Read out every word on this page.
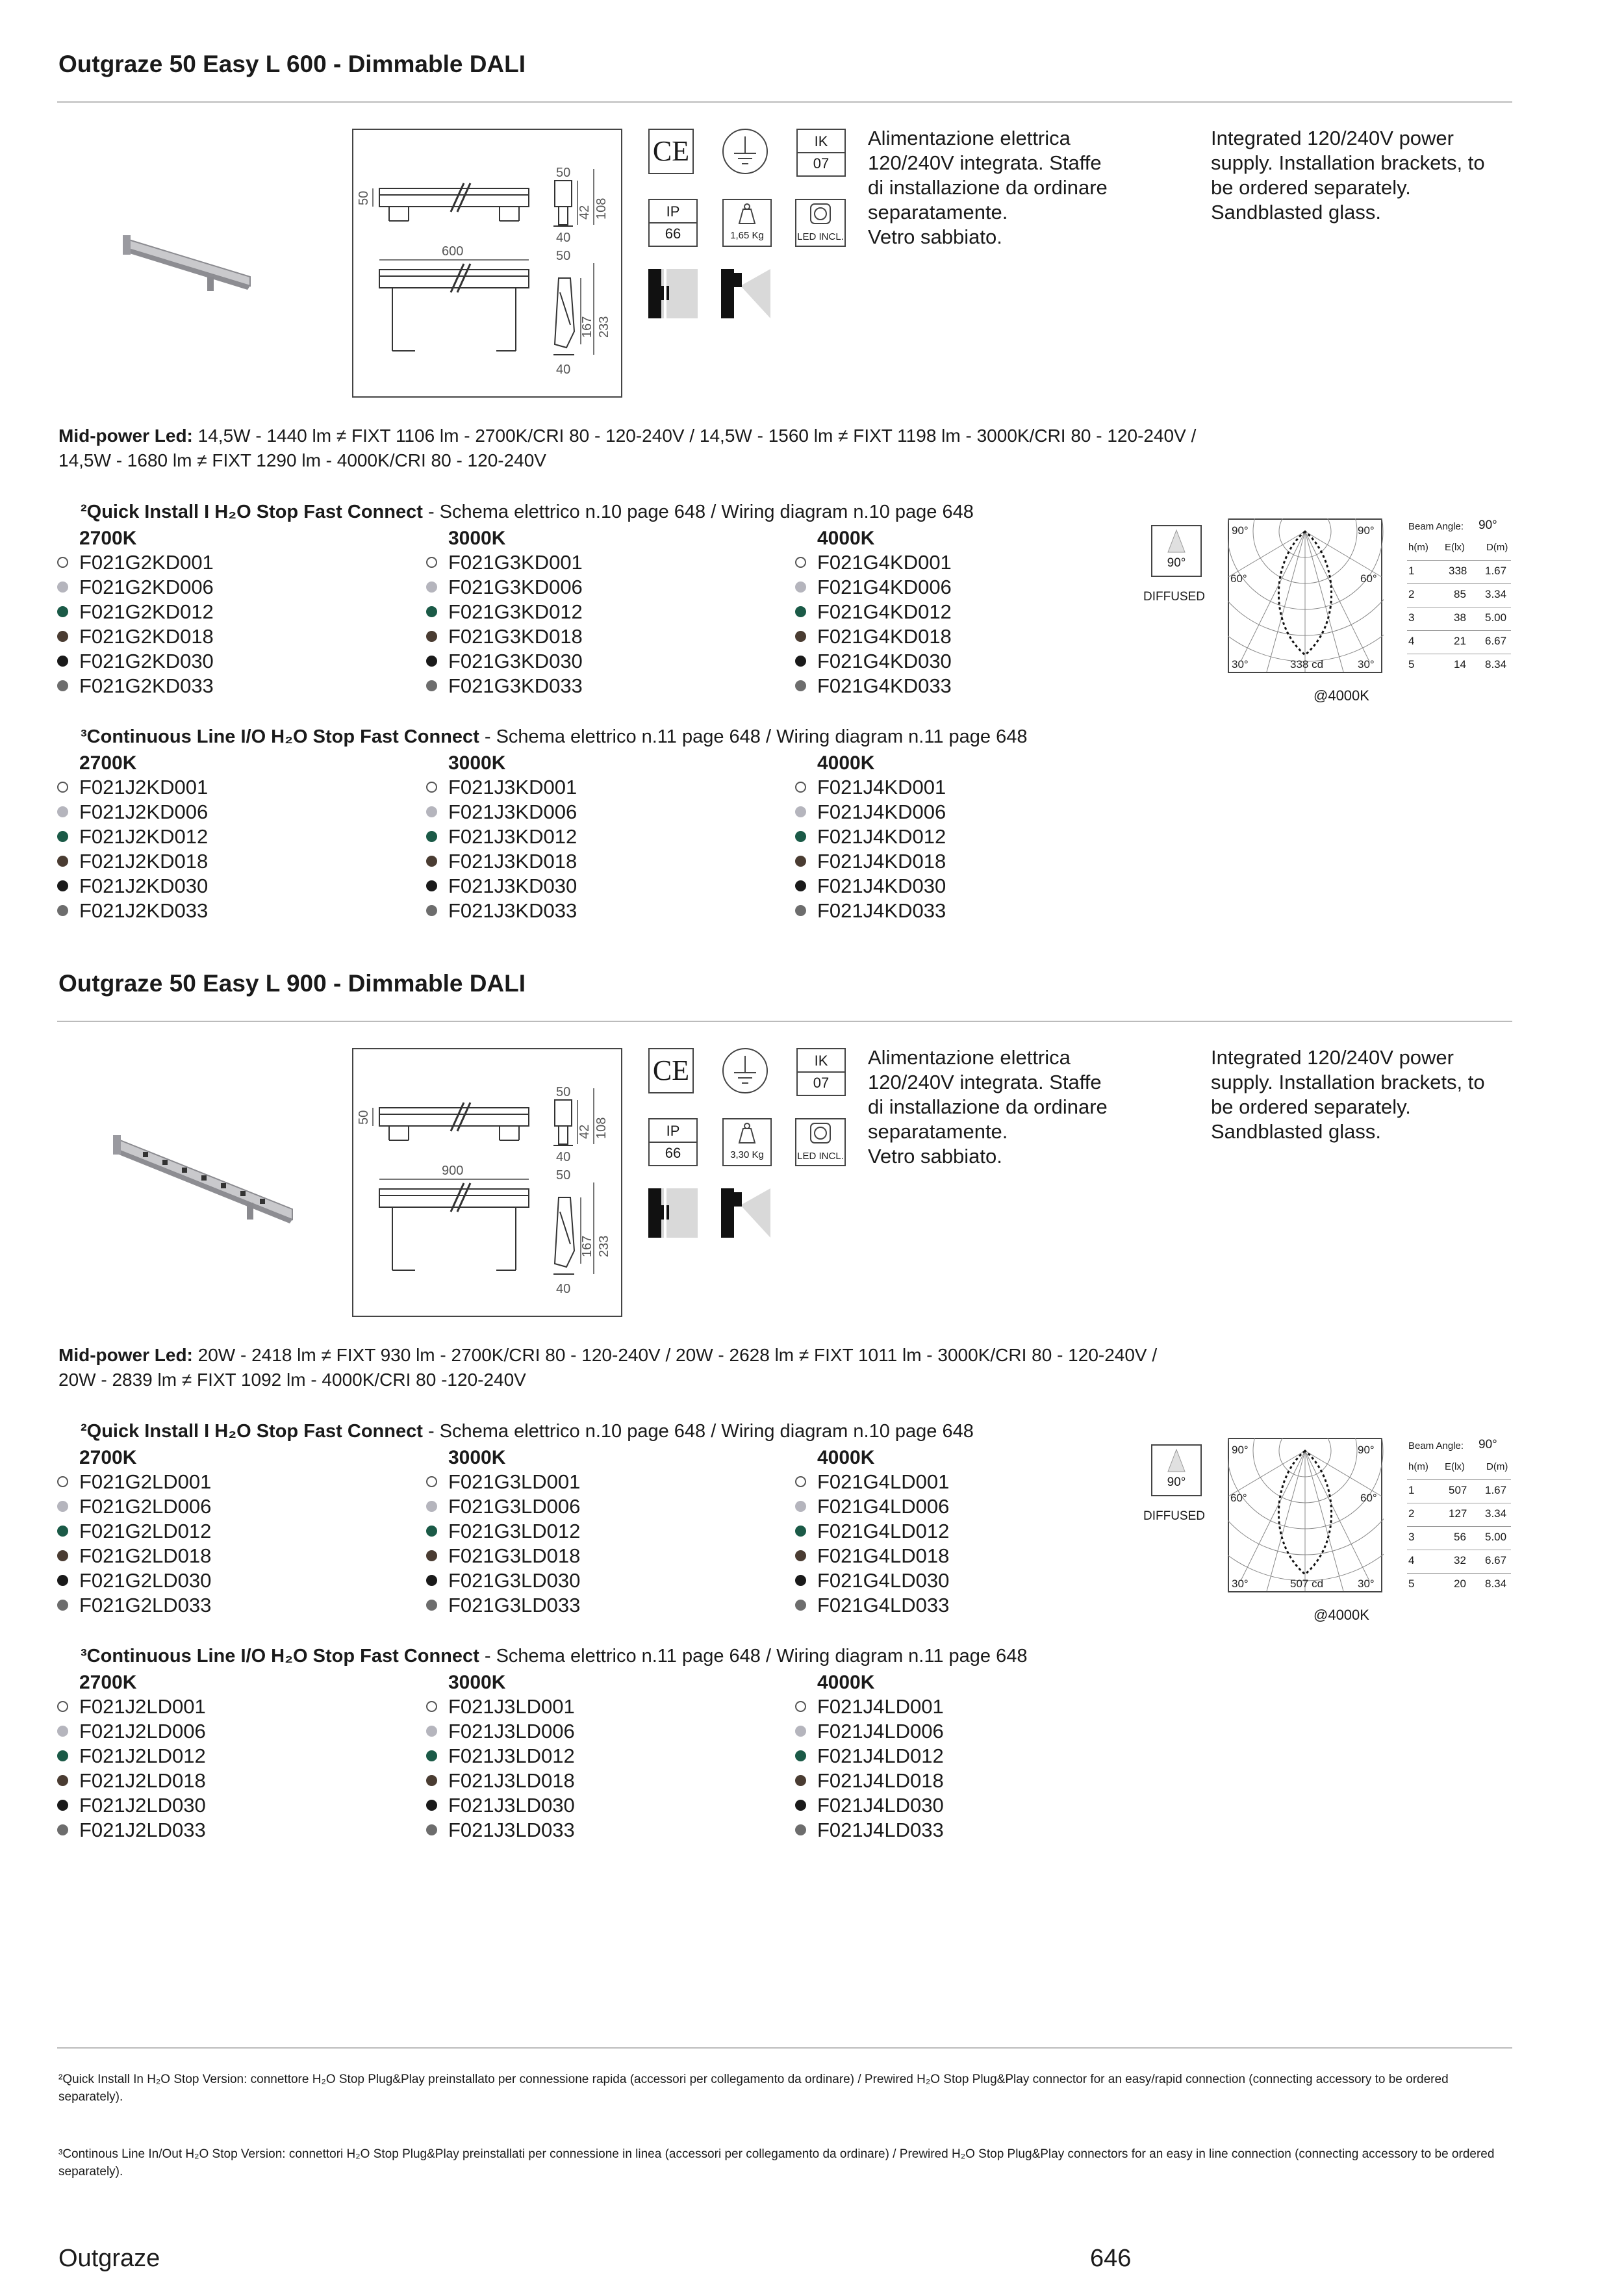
Outgraze 50 Easy L 600 - Dimmable DALI
50
50
42 108
40
600	50
167 233
40
CE	IK
07
IP
66	1,65 Kg	LED INCL.
Alimentazione elettrica
120/240V integrata. Staffe
di installazione da ordinare
separatamente.
Vetro sabbiato.
Integrated 120/240V power
supply. Installation brackets, to
be ordered separately.
Sandblasted glass.
Mid-power Led: 14,5W - 1440 lm ≠ FIXT 1106 lm - 2700K/CRI 80 - 120-240V / 14,5W - 1560 lm ≠ FIXT 1198 lm - 3000K/CRI 80 - 120-240V /
14,5W - 1680 lm ≠ FIXT 1290 lm - 4000K/CRI 80 - 120-240V
²Quick Install I H₂O Stop Fast Connect - Schema elettrico n.10 page 648 / Wiring diagram n.10 page 648
2700K
F021G2KD001
F021G2KD006
F021G2KD012
F021G2KD018
F021G2KD030
F021G2KD033
3000K
F021G3KD001
F021G3KD006
F021G3KD012
F021G3KD018
F021G3KD030
F021G3KD033
4000K
F021G4KD001
F021G4KD006
F021G4KD012
F021G4KD018
F021G4KD030
F021G4KD033
90°
DIFFUSED
90°	90°
60°	60°
30°	30°
338 cd
@4000K
Beam Angle: 90°
h(m) E(lx) D(m)
1	338 1.67
2	85 3.34
3	38 5.00
4	21 6.67
5	14 8.34
³Continuous Line I/O H₂O Stop Fast Connect - Schema elettrico n.11 page 648 / Wiring diagram n.11 page 648
2700K
F021J2KD001
F021J2KD006
F021J2KD012
F021J2KD018
F021J2KD030
F021J2KD033
3000K
F021J3KD001
F021J3KD006
F021J3KD012
F021J3KD018
F021J3KD030
F021J3KD033
4000K
F021J4KD001
F021J4KD006
F021J4KD012
F021J4KD018
F021J4KD030
F021J4KD033
Outgraze 50 Easy L 900 - Dimmable DALI
50
50
42 108
40
900	50
167 233
40
CE	IK
07
IP
66	3,30 Kg	LED INCL.
Alimentazione elettrica
120/240V integrata. Staffe
di installazione da ordinare
separatamente.
Vetro sabbiato.
Integrated 120/240V power
supply. Installation brackets, to
be ordered separately.
Sandblasted glass.
Mid-power Led: 20W - 2418 lm ≠ FIXT 930 lm - 2700K/CRI 80 - 120-240V / 20W - 2628 lm ≠ FIXT 1011 lm - 3000K/CRI 80 - 120-240V /
20W - 2839 lm ≠ FIXT 1092 lm - 4000K/CRI 80 -120-240V
²Quick Install I H₂O Stop Fast Connect - Schema elettrico n.10 page 648 / Wiring diagram n.10 page 648
2700K
F021G2LD001
F021G2LD006
F021G2LD012
F021G2LD018
F021G2LD030
F021G2LD033
3000K
F021G3LD001
F021G3LD006
F021G3LD012
F021G3LD018
F021G3LD030
F021G3LD033
4000K
F021G4LD001
F021G4LD006
F021G4LD012
F021G4LD018
F021G4LD030
F021G4LD033
90°
DIFFUSED
90°	90°
60°	60°
30°	30°
507 cd
@4000K
Beam Angle: 90°
h(m) E(lx) D(m)
1	507 1.67
2	127 3.34
3	56 5.00
4	32 6.67
5	20 8.34
³Continuous Line I/O H₂O Stop Fast Connect - Schema elettrico n.11 page 648 / Wiring diagram n.11 page 648
2700K
F021J2LD001
F021J2LD006
F021J2LD012
F021J2LD018
F021J2LD030
F021J2LD033
3000K
F021J3LD001
F021J3LD006
F021J3LD012
F021J3LD018
F021J3LD030
F021J3LD033
4000K
F021J4LD001
F021J4LD006
F021J4LD012
F021J4LD018
F021J4LD030
F021J4LD033
²Quick Install In H₂O Stop Version: connettore H₂O Stop Plug&Play preinstallato per connessione rapida (accessori per collegamento da ordinare) / Prewired H₂O Stop Plug&Play connector for an easy/rapid connection (connecting accessory to be ordered separately).
³Continous Line In/Out H₂O Stop Version: connettori H₂O Stop Plug&Play preinstallati per connessione in linea (accessori per collegamento da ordinare) / Prewired H₂O Stop Plug&Play connectors for an easy in line connection (connecting accessory to be ordered separately).
Outgraze	646
